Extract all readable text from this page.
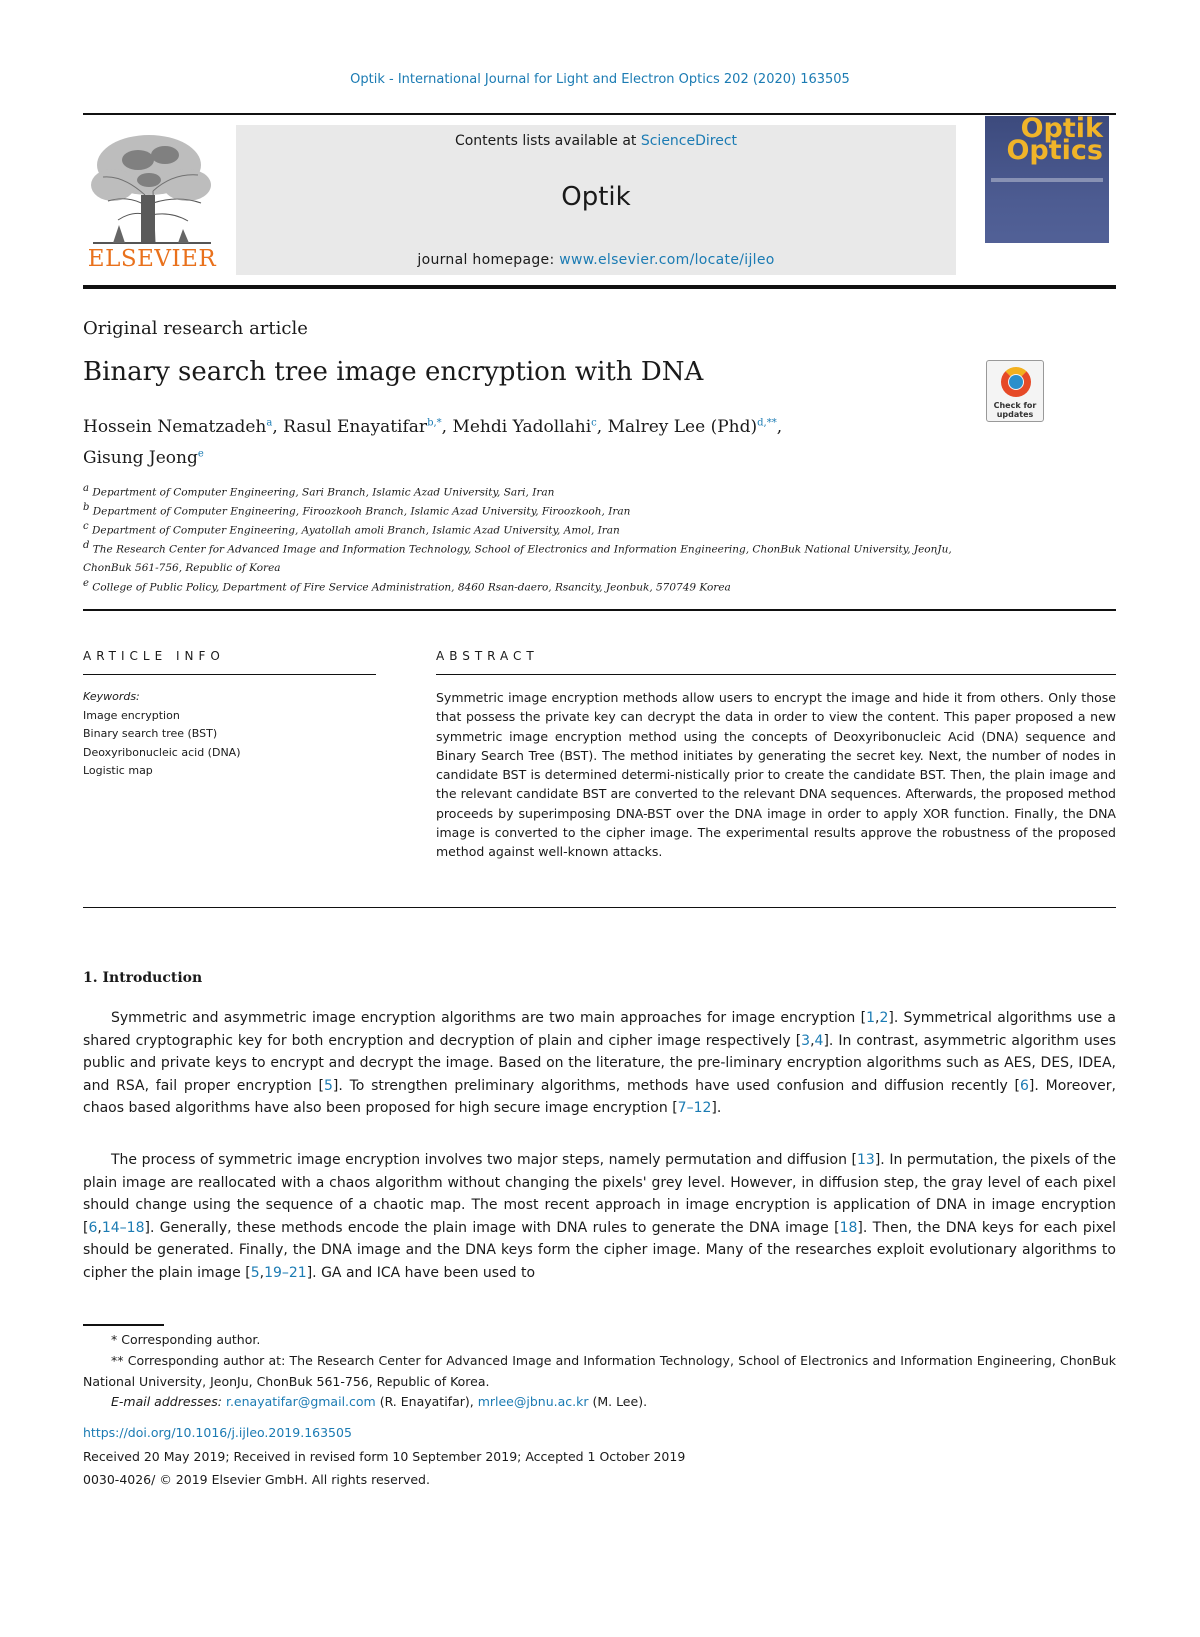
Optik - International Journal for Light and Electron Optics 202 (2020) 163505
ELSEVIER
Contents lists available at ScienceDirect
Optik
journal homepage: www.elsevier.com/locate/ijleo
Optik Optics
Original research article
Binary search tree image encryption with DNA
Check for updates
Hossein Nematzadeh$^a$, Rasul Enayatifar$^{b,*}$, Mehdi Yadollahi$^c$, Malrey Lee (Phd)$^{d,**}$,
Gisung Jeong$^e$
$^a$ Department of Computer Engineering, Sari Branch, Islamic Azad University, Sari, Iran
$^b$ Department of Computer Engineering, Firoozkooh Branch, Islamic Azad University, Firoozkooh, Iran
$^c$ Department of Computer Engineering, Ayatollah amoli Branch, Islamic Azad University, Amol, Iran
$^d$ The Research Center for Advanced Image and Information Technology, School of Electronics and Information Engineering, ChonBuk National University, JeonJu, ChonBuk 561-756, Republic of Korea
$^e$ College of Public Policy, Department of Fire Service Administration, 8460 Rsan-daero, Rsancity, Jeonbuk, 570749 Korea
ARTICLE INFO	ABSTRACT
Keywords:
Image encryption
Binary search tree (BST)
Deoxyribonucleic acid (DNA)
Logistic map
Symmetric image encryption methods allow users to encrypt the image and hide it from others. Only those that possess the private key can decrypt the data in order to view the content. This paper proposed a new symmetric image encryption method using the concepts of Deoxyribonucleic Acid (DNA) sequence and Binary Search Tree (BST). The method initiates by generating the secret key. Next, the number of nodes in candidate BST is determined determi-nistically prior to create the candidate BST. Then, the plain image and the relevant candidate BST are converted to the relevant DNA sequences. Afterwards, the proposed method proceeds by superimposing DNA-BST over the DNA image in order to apply XOR function. Finally, the DNA image is converted to the cipher image. The experimental results approve the robustness of the proposed method against well-known attacks.
1. Introduction
Symmetric and asymmetric image encryption algorithms are two main approaches for image encryption [1,2]. Symmetrical algorithms use a shared cryptographic key for both encryption and decryption of plain and cipher image respectively [3,4]. In contrast, asymmetric algorithm uses public and private keys to encrypt and decrypt the image. Based on the literature, the pre-liminary encryption algorithms such as AES, DES, IDEA, and RSA, fail proper encryption [5]. To strengthen preliminary algorithms, methods have used confusion and diffusion recently [6]. Moreover, chaos based algorithms have also been proposed for high secure image encryption [7–12].
The process of symmetric image encryption involves two major steps, namely permutation and diffusion [13]. In permutation, the pixels of the plain image are reallocated with a chaos algorithm without changing the pixels' grey level. However, in diffusion step, the gray level of each pixel should change using the sequence of a chaotic map. The most recent approach in image encryption is application of DNA in image encryption [6,14–18]. Generally, these methods encode the plain image with DNA rules to generate the DNA image [18]. Then, the DNA keys for each pixel should be generated. Finally, the DNA image and the DNA keys form the cipher image. Many of the researches exploit evolutionary algorithms to cipher the plain image [5,19–21]. GA and ICA have been used to
* Corresponding author.
** Corresponding author at: The Research Center for Advanced Image and Information Technology, School of Electronics and Information Engineering, ChonBuk National University, JeonJu, ChonBuk 561-756, Republic of Korea.
E-mail addresses: r.enayatifar@gmail.com (R. Enayatifar), mrlee@jbnu.ac.kr (M. Lee).
https://doi.org/10.1016/j.ijleo.2019.163505
Received 20 May 2019; Received in revised form 10 September 2019; Accepted 1 October 2019
0030-4026/ © 2019 Elsevier GmbH. All rights reserved.
